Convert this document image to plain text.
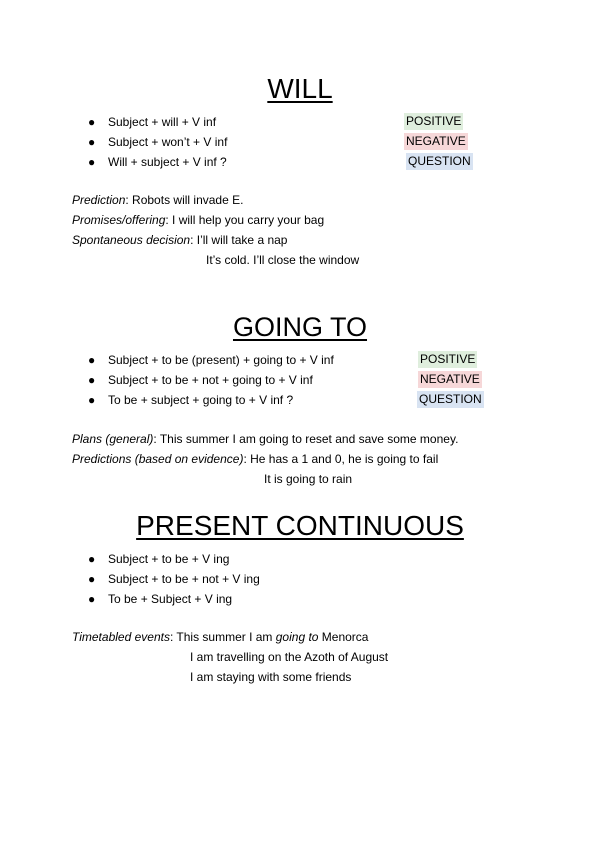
WILL
● Subject + will + V inf	POSITIVE
● Subject + won’t + V inf	NEGATIVE
● Will + subject + V inf ?	QUESTION
Prediction: Robots will invade E.
Promises/offering: I will help you carry your bag
Spontaneous decision: I’ll will take a nap
It’s cold. I’ll close the window
GOING TO
● Subject + to be (present) + going to + V inf	POSITIVE
● Subject + to be + not + going to + V inf	NEGATIVE
● To be + subject + going to + V inf ?	QUESTION
Plans (general): This summer I am going to reset and save some money.
Predictions (based on evidence): He has a 1 and 0, he is going to fail
It is going to rain
PRESENT CONTINUOUS
● Subject + to be + V ing
● Subject + to be + not + V ing
● To be + Subject + V ing
Timetabled events: This summer I am going to Menorca
I am travelling on the Azoth of August
I am staying with some friends
